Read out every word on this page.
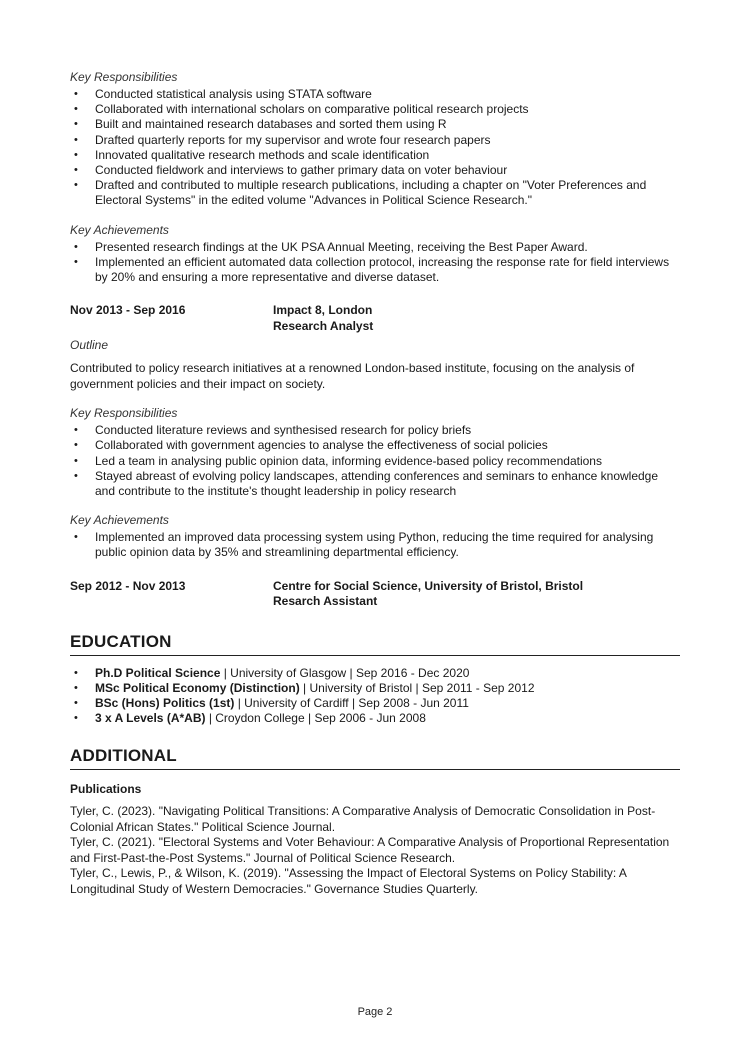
Key Responsibilities

• Conducted statistical analysis using STATA software
• Collaborated with international scholars on comparative political research projects
• Built and maintained research databases and sorted them using R
• Drafted quarterly reports for my supervisor and wrote four research papers
• Innovated qualitative research methods and scale identification
• Conducted fieldwork and interviews to gather primary data on voter behaviour
• Drafted and contributed to multiple research publications, including a chapter on "Voter Preferences and Electoral Systems" in the edited volume "Advances in Political Science Research."

Key Achievements

• Presented research findings at the UK PSA Annual Meeting, receiving the Best Paper Award.
• Implemented an efficient automated data collection protocol, increasing the response rate for field interviews by 20% and ensuring a more representative and diverse dataset.
Nov 2013 - Sep 2016	Impact 8, London
Research Analyst

Outline

Contributed to policy research initiatives at a renowned London-based institute, focusing on the analysis of government policies and their impact on society.

Key Responsibilities

• Conducted literature reviews and synthesised research for policy briefs
• Collaborated with government agencies to analyse the effectiveness of social policies
• Led a team in analysing public opinion data, informing evidence-based policy recommendations
• Stayed abreast of evolving policy landscapes, attending conferences and seminars to enhance knowledge and contribute to the institute's thought leadership in policy research

Key Achievements

• Implemented an improved data processing system using Python, reducing the time required for analysing public opinion data by 35% and streamlining departmental efficiency.
Sep 2012 - Nov 2013	Centre for Social Science, University of Bristol, Bristol
Resarch Assistant
EDUCATION
• Ph.D Political Science | University of Glasgow | Sep 2016 - Dec 2020
• MSc Political Economy (Distinction) | University of Bristol | Sep 2011 - Sep 2012
• BSc (Hons) Politics (1st) | University of Cardiff | Sep 2008 - Jun 2011
• 3 x A Levels (A*AB) | Croydon College | Sep 2006 - Jun 2008
ADDITIONAL

Publications

Tyler, C. (2023). "Navigating Political Transitions: A Comparative Analysis of Democratic Consolidation in Post-Colonial African States." Political Science Journal.

Tyler, C. (2021). "Electoral Systems and Voter Behaviour: A Comparative Analysis of Proportional Representation and First-Past-the-Post Systems." Journal of Political Science Research.

Tyler, C., Lewis, P., & Wilson, K. (2019). "Assessing the Impact of Electoral Systems on Policy Stability: A Longitudinal Study of Western Democracies." Governance Studies Quarterly.

Page 2
